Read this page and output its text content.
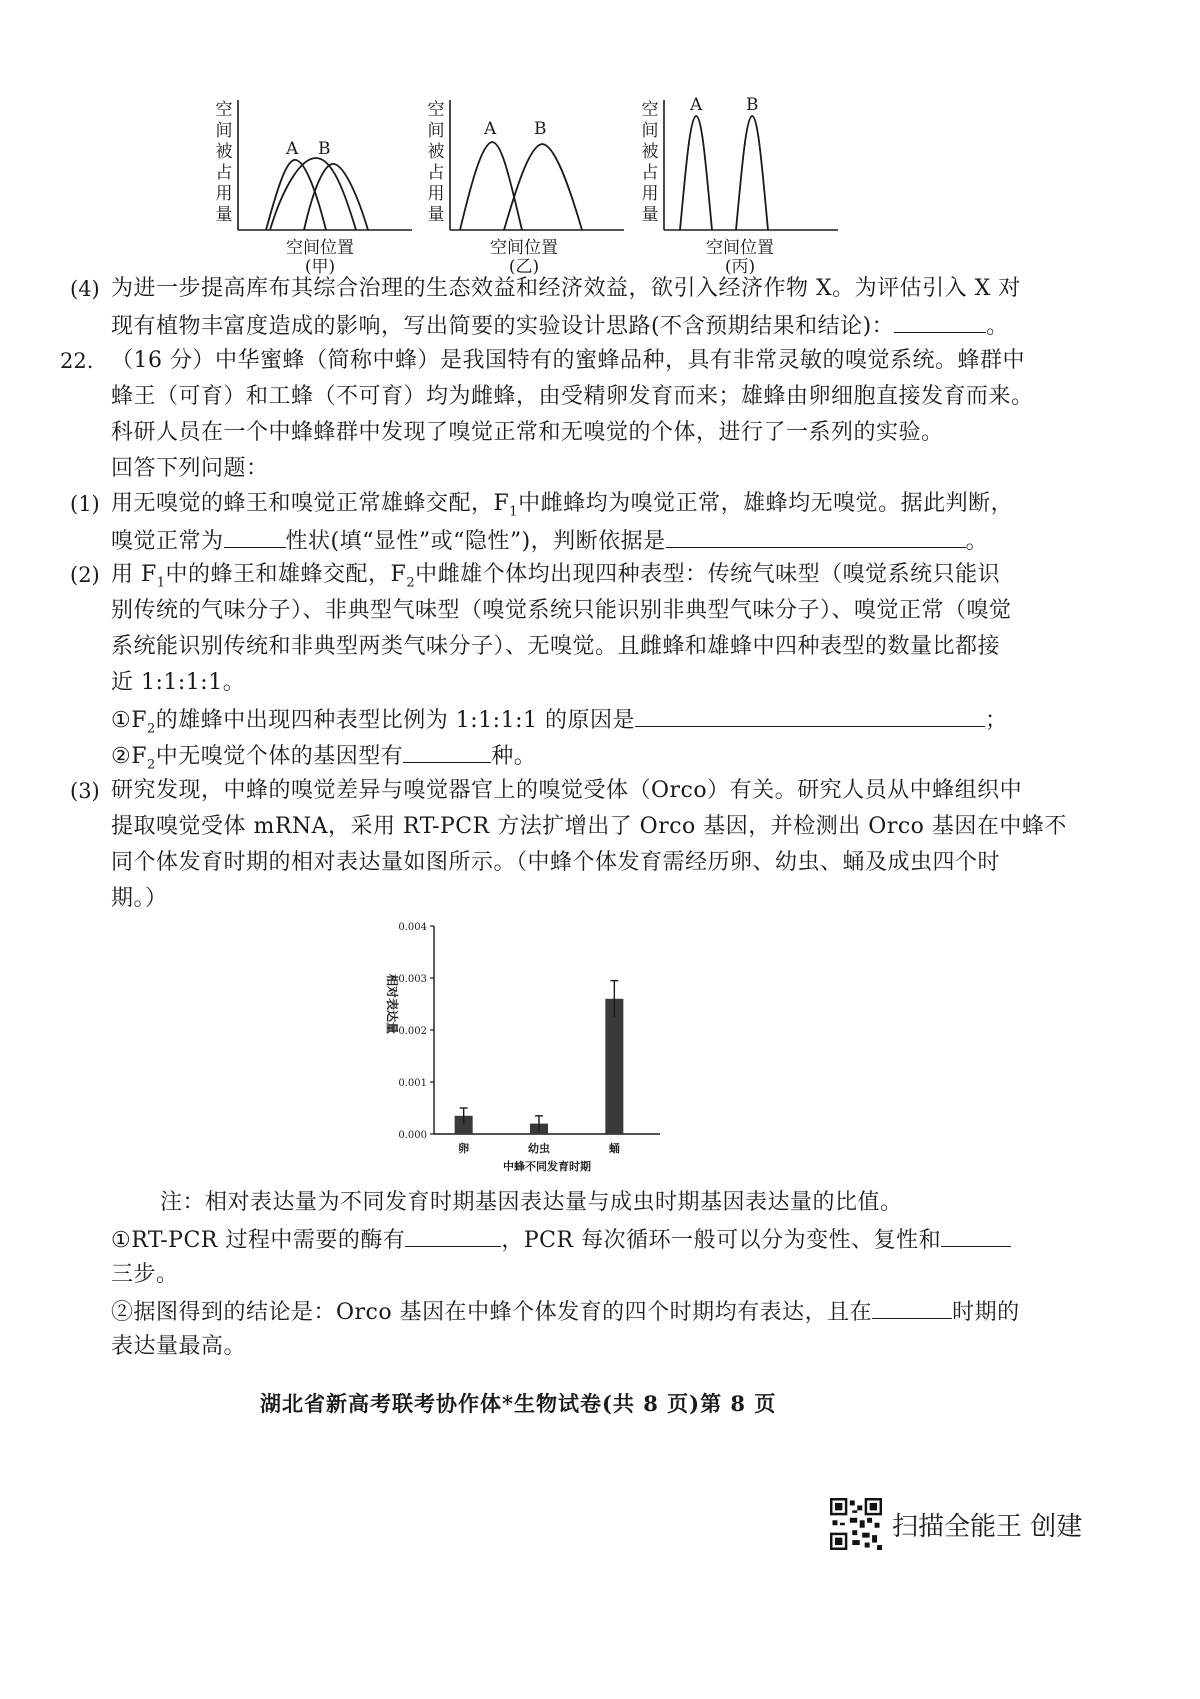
空
间
被
占
用
量
A B
空间位置
(甲)
空
间
被
占
用
量
A B
空间位置
(乙)
空
间
被
占
用
量
A	B
空间位置
(丙)
(4) 为进一步提高库布其综合治理的生态效益和经济效益，欲引入经济作物 X。为评估引入 X 对
现有植物丰富度造成的影响，写出简要的实验设计思路(不含预期结果和结论)：	。
22. （16 分）中华蜜蜂（简称中蜂）是我国特有的蜜蜂品种，具有非常灵敏的嗅觉系统。蜂群中
蜂王（可育）和工蜂（不可育）均为雌蜂，由受精卵发育而来；雄蜂由卵细胞直接发育而来。
科研人员在一个中蜂蜂群中发现了嗅觉正常和无嗅觉的个体，进行了一系列的实验。
回答下列问题：
(1) 用无嗅觉的蜂王和嗅觉正常雄蜂交配，$F_1$中雌蜂均为嗅觉正常，雄蜂均无嗅觉。据此判断，
嗅觉正常为	性状(填“显性”或“隐性”)，判断依据是	。
(2) 用 $F_1$中的蜂王和雄蜂交配，$F_2$中雌雄个体均出现四种表型：传统气味型（嗅觉系统只能识
别传统的气味分子）、非典型气味型（嗅觉系统只能识别非典型气味分子）、嗅觉正常（嗅觉
系统能识别传统和非典型两类气味分子）、无嗅觉。且雌蜂和雄蜂中四种表型的数量比都接
近 1:1:1:1。
$①F_2$的雄蜂中出现四种表型比例为 1:1:1:1 的原因是	；
$②F_2$中无嗅觉个体的基因型有	种。
(3) 研究发现，中蜂的嗅觉差异与嗅觉器官上的嗅觉受体（Orco）有关。研究人员从中蜂组织中
提取嗅觉受体 mRNA，采用 RT-PCR 方法扩增出了 Orco 基因，并检测出 Orco 基因在中蜂不
同个体发育时期的相对表达量如图所示。（中蜂个体发育需经历卵、幼虫、蛹及成虫四个时
期。）
相对表达量
0.000
0.001
0.002
0.003
0.004
卵	幼虫	蛹
中蜂不同发育时期
注：相对表达量为不同发育时期基因表达量与成虫时期基因表达量的比值。
①RT-PCR 过程中需要的酶有	，PCR 每次循环一般可以分为变性、复性和
三步。
②据图得到的结论是：Orco 基因在中蜂个体发育的四个时期均有表达，且在	时期的
表达量最高。
湖北省新高考联考协作体*生物试卷(共 8 页)第 8 页
扫描全能王 创建
